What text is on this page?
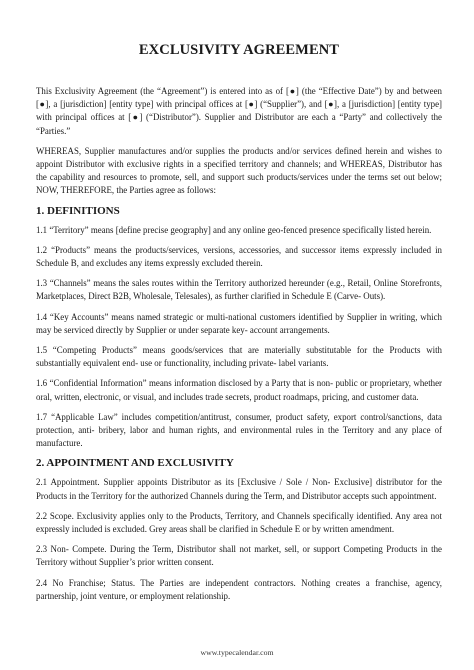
EXCLUSIVITY AGREEMENT

This Exclusivity Agreement (the “Agreement”) is entered into as of [●] (the “Effective Date”) by and between [●], a [jurisdiction] [entity type] with principal offices at [●] (“Supplier”), and [●], a [jurisdiction] [entity type] with principal offices at [●] (“Distributor”). Supplier and Distributor are each a “Party” and collectively the “Parties.”

WHEREAS, Supplier manufactures and/or supplies the products and/or services defined herein and wishes to appoint Distributor with exclusive rights in a specified territory and channels; and WHEREAS, Distributor has the capability and resources to promote, sell, and support such products/services under the terms set out below; NOW, THEREFORE, the Parties agree as follows:

1. DEFINITIONS

1.1 “Territory” means [define precise geography] and any online geo-fenced presence specifically listed herein.

1.2 “Products” means the products/services, versions, accessories, and successor items expressly included in Schedule B, and excludes any items expressly excluded therein.

1.3 “Channels” means the sales routes within the Territory authorized hereunder (e.g., Retail, Online Storefronts, Marketplaces, Direct B2B, Wholesale, Telesales), as further clarified in Schedule E (Carve- Outs).

1.4 “Key Accounts” means named strategic or multi-national customers identified by Supplier in writing, which may be serviced directly by Supplier or under separate key- account arrangements.

1.5 “Competing Products” means goods/services that are materially substitutable for the Products with substantially equivalent end- use or functionality, including private- label variants.

1.6 “Confidential Information” means information disclosed by a Party that is non- public or proprietary, whether oral, written, electronic, or visual, and includes trade secrets, product roadmaps, pricing, and customer data.

1.7 “Applicable Law” includes competition/antitrust, consumer, product safety, export control/sanctions, data protection, anti- bribery, labor and human rights, and environmental rules in the Territory and any place of manufacture.

2. APPOINTMENT AND EXCLUSIVITY

2.1 Appointment. Supplier appoints Distributor as its [Exclusive / Sole / Non- Exclusive] distributor for the Products in the Territory for the authorized Channels during the Term, and Distributor accepts such appointment.

2.2 Scope. Exclusivity applies only to the Products, Territory, and Channels specifically identified. Any area not expressly included is excluded. Grey areas shall be clarified in Schedule E or by written amendment.

2.3 Non- Compete. During the Term, Distributor shall not market, sell, or support Competing Products in the Territory without Supplier’s prior written consent.

2.4 No Franchise; Status. The Parties are independent contractors. Nothing creates a franchise, agency, partnership, joint venture, or employment relationship.

www.typecalendar.com
